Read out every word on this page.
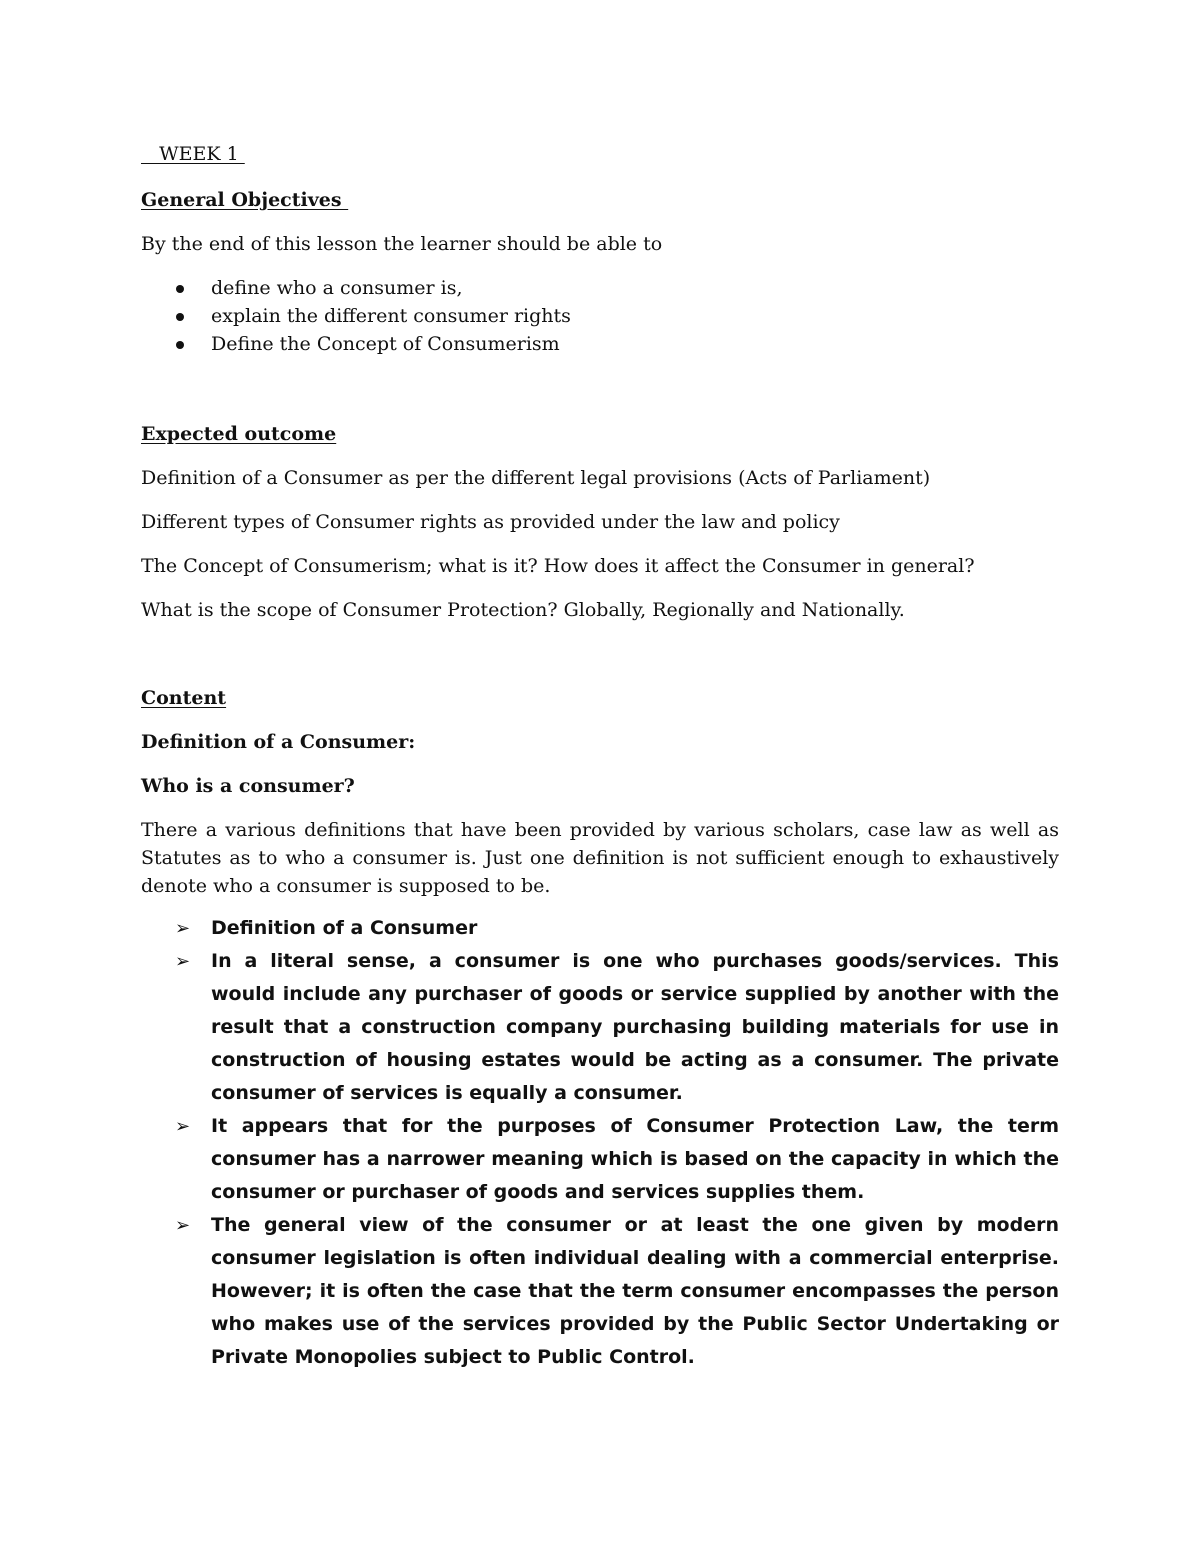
WEEK 1

General Objectives

By the end of this lesson the learner should be able to

define who a consumer is,
explain the different consumer rights
Define the Concept of Consumerism

Expected outcome

Definition of a Consumer as per the different legal provisions (Acts of Parliament)

Different types of Consumer rights as provided under the law and policy

The Concept of Consumerism; what is it? How does it affect the Consumer in general?

What is the scope of Consumer Protection? Globally, Regionally and Nationally.

Content

Definition of a Consumer:

Who is a consumer?

There a various definitions that have been provided by various scholars, case law as well as Statutes as to who a consumer is. Just one definition is not sufficient enough to exhaustively denote who a consumer is supposed to be.

➢ Definition of a Consumer
➢ In a literal sense, a consumer is one who purchases goods/services. This would include any purchaser of goods or service supplied by another with the result that a construction company purchasing building materials for use in construction of housing estates would be acting as a consumer. The private consumer of services is equally a consumer.
➢ It appears that for the purposes of Consumer Protection Law, the term consumer has a narrower meaning which is based on the capacity in which the consumer or purchaser of goods and services supplies them.
➢ The general view of the consumer or at least the one given by modern consumer legislation is often individual dealing with a commercial enterprise. However; it is often the case that the term consumer encompasses the person who makes use of the services provided by the Public Sector Undertaking or Private Monopolies subject to Public Control.
